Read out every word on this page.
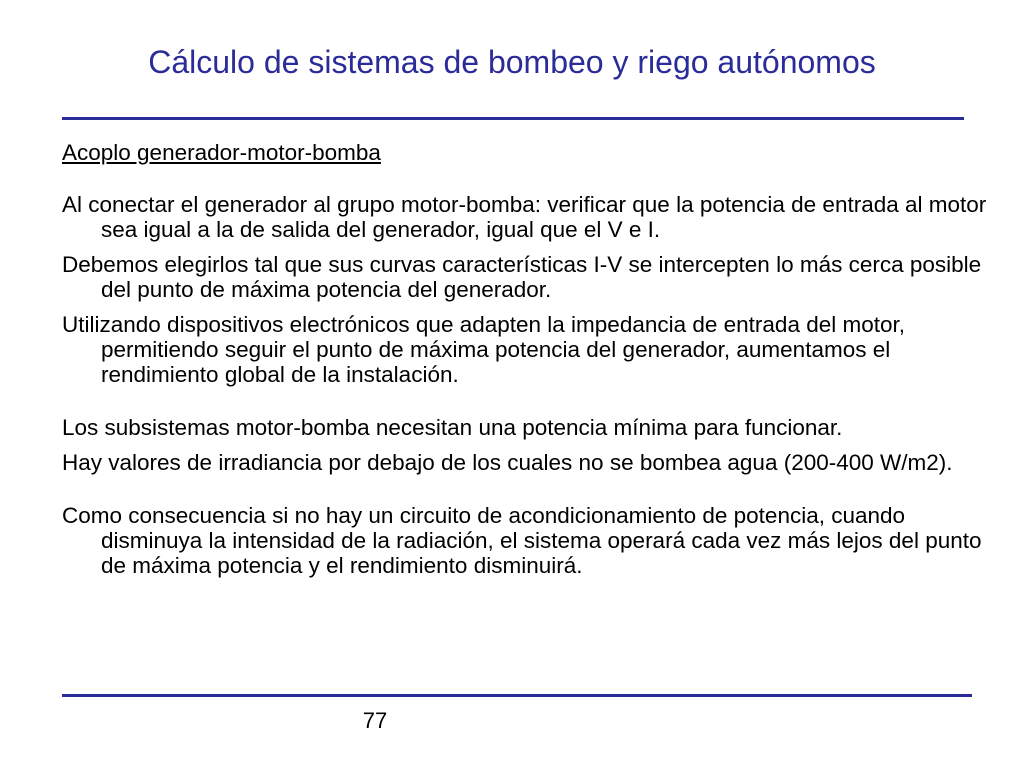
Cálculo de sistemas de bombeo y riego autónomos
Acoplo generador-motor-bomba

Al conectar el generador al grupo motor-bomba: verificar que la potencia de entrada al motor sea igual a la de salida del generador, igual que el V e I.

Debemos elegirlos tal que sus curvas características I-V se intercepten lo más cerca posible del punto de máxima potencia del generador.

Utilizando dispositivos electrónicos que adapten la impedancia de entrada del motor, permitiendo seguir el punto de máxima potencia del generador, aumentamos el rendimiento global de la instalación.

Los subsistemas motor-bomba necesitan una potencia mínima para funcionar.

Hay valores de irradiancia por debajo de los cuales no se bombea agua (200-400 W/m2).

Como consecuencia si no hay un circuito de acondicionamiento de potencia, cuando disminuya la intensidad de la radiación, el sistema operará cada vez más lejos del punto de máxima potencia y el rendimiento disminuirá.

77
